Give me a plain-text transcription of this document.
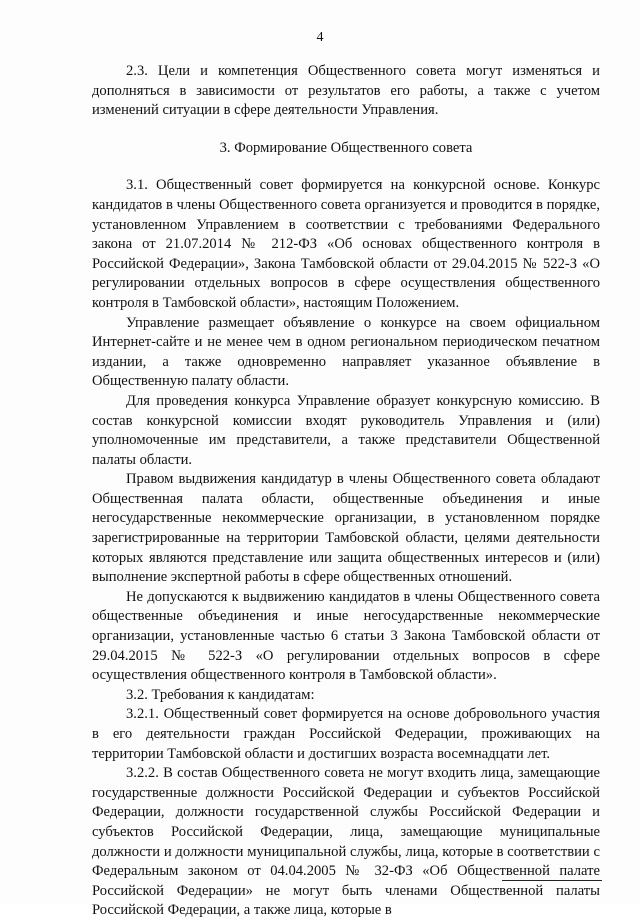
4

2.3. Цели и компетенция Общественного совета могут изменяться и дополняться в зависимости от результатов его работы, а также с учетом изменений ситуации в сфере деятельности Управления.

3. Формирование Общественного совета

3.1. Общественный совет формируется на конкурсной основе. Конкурс кандидатов в члены Общественного совета организуется и проводится в порядке, установленном Управлением в соответствии с требованиями Федерального закона от 21.07.2014 № 212-ФЗ «Об основах общественного контроля в Российской Федерации», Закона Тамбовской области от 29.04.2015 № 522-З «О регулировании отдельных вопросов в сфере осуществления общественного контроля в Тамбовской области», настоящим Положением.

Управление размещает объявление о конкурсе на своем официальном Интернет-сайте и не менее чем в одном региональном периодическом печатном издании, а также одновременно направляет указанное объявление в Общественную палату области.

Для проведения конкурса Управление образует конкурсную комиссию. В состав конкурсной комиссии входят руководитель Управления и (или) уполномоченные им представители, а также представители Общественной палаты области.

Правом выдвижения кандидатур в члены Общественного совета обладают Общественная палата области, общественные объединения и иные негосударственные некоммерческие организации, в установленном порядке зарегистрированные на территории Тамбовской области, целями деятельности которых являются представление или защита общественных интересов и (или) выполнение экспертной работы в сфере общественных отношений.

Не допускаются к выдвижению кандидатов в члены Общественного совета общественные объединения и иные негосударственные некоммерческие организации, установленные частью 6 статьи 3 Закона Тамбовской области от 29.04.2015 № 522-З «О регулировании отдельных вопросов в сфере осуществления общественного контроля в Тамбовской области».

3.2. Требования к кандидатам:

3.2.1. Общественный совет формируется на основе добровольного участия в его деятельности граждан Российской Федерации, проживающих на территории Тамбовской области и достигших возраста восемнадцати лет.

3.2.2. В состав Общественного совета не могут входить лица, замещающие государственные должности Российской Федерации и субъектов Российской Федерации, должности государственной службы Российской Федерации и субъектов Российской Федерации, лица, замещающие муниципальные должности и должности муниципальной службы, лица, которые в соответствии с Федеральным законом от 04.04.2005 № 32-ФЗ «Об Общественной палате Российской Федерации» не могут быть членами Общественной палаты Российской Федерации, а также лица, которые в
